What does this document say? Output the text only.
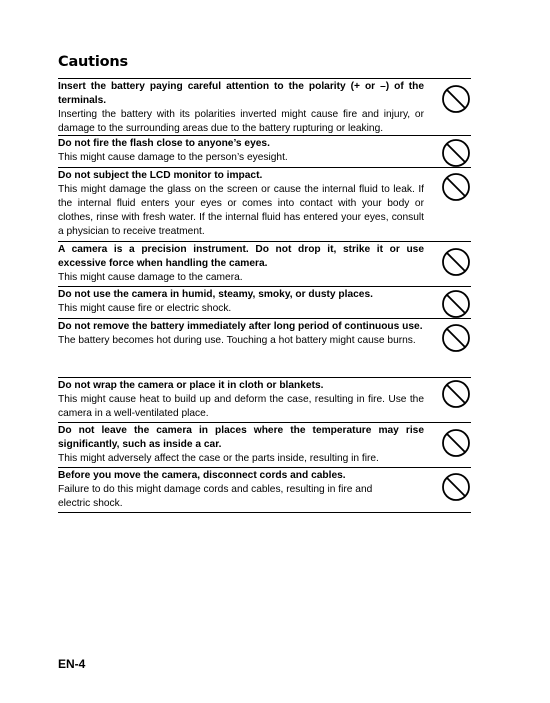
Cautions
Insert the battery paying careful attention to the polarity (+ or –) of the terminals.
Inserting the battery with its polarities inverted might cause fire and injury, or damage to the surrounding areas due to the battery rupturing or leaking.
Do not fire the flash close to anyone’s eyes.
This might cause damage to the person’s eyesight.
Do not subject the LCD monitor to impact.
This might damage the glass on the screen or cause the internal fluid to leak. If the internal fluid enters your eyes or comes into contact with your body or clothes, rinse with fresh water. If the internal fluid has entered your eyes, consult a physician to receive treatment.
A camera is a precision instrument. Do not drop it, strike it or use excessive force when handling the camera.
This might cause damage to the camera.
Do not use the camera in humid, steamy, smoky, or dusty places.
This might cause fire or electric shock.
Do not remove the battery immediately after long period of continuous use.
The battery becomes hot during use. Touching a hot battery might cause burns.
Do not wrap the camera or place it in cloth or blankets.
This might cause heat to build up and deform the case, resulting in fire. Use the camera in a well-ventilated place.
Do not leave the camera in places where the temperature may rise significantly, such as inside a car.
This might adversely affect the case or the parts inside, resulting in fire.
Before you move the camera, disconnect cords and cables.
Failure to do this might damage cords and cables, resulting in fire and electric shock.
EN-4
